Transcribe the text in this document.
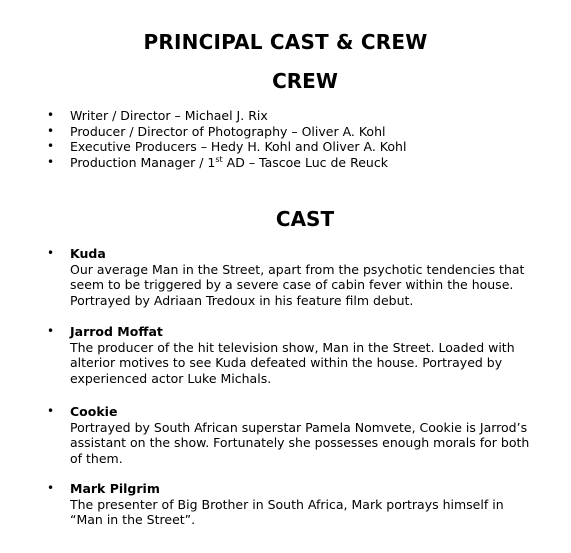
PRINCIPAL CAST & CREW
CREW
• Writer / Director – Michael J. Rix
• Producer / Director of Photography – Oliver A. Kohl
• Executive Producers – Hedy H. Kohl and Oliver A. Kohl
• Production Manager / 1st AD – Tascoe Luc de Reuck
CAST
• Kuda
Our average Man in the Street, apart from the psychotic tendencies that seem to be triggered by a severe case of cabin fever within the house. Portrayed by Adriaan Tredoux in his feature film debut.
• Jarrod Moffat
The producer of the hit television show, Man in the Street. Loaded with alterior motives to see Kuda defeated within the house. Portrayed by experienced actor Luke Michals.
• Cookie
Portrayed by South African superstar Pamela Nomvete, Cookie is Jarrod’s assistant on the show. Fortunately she possesses enough morals for both of them.
• Mark Pilgrim
The presenter of Big Brother in South Africa, Mark portrays himself in “Man in the Street”.
